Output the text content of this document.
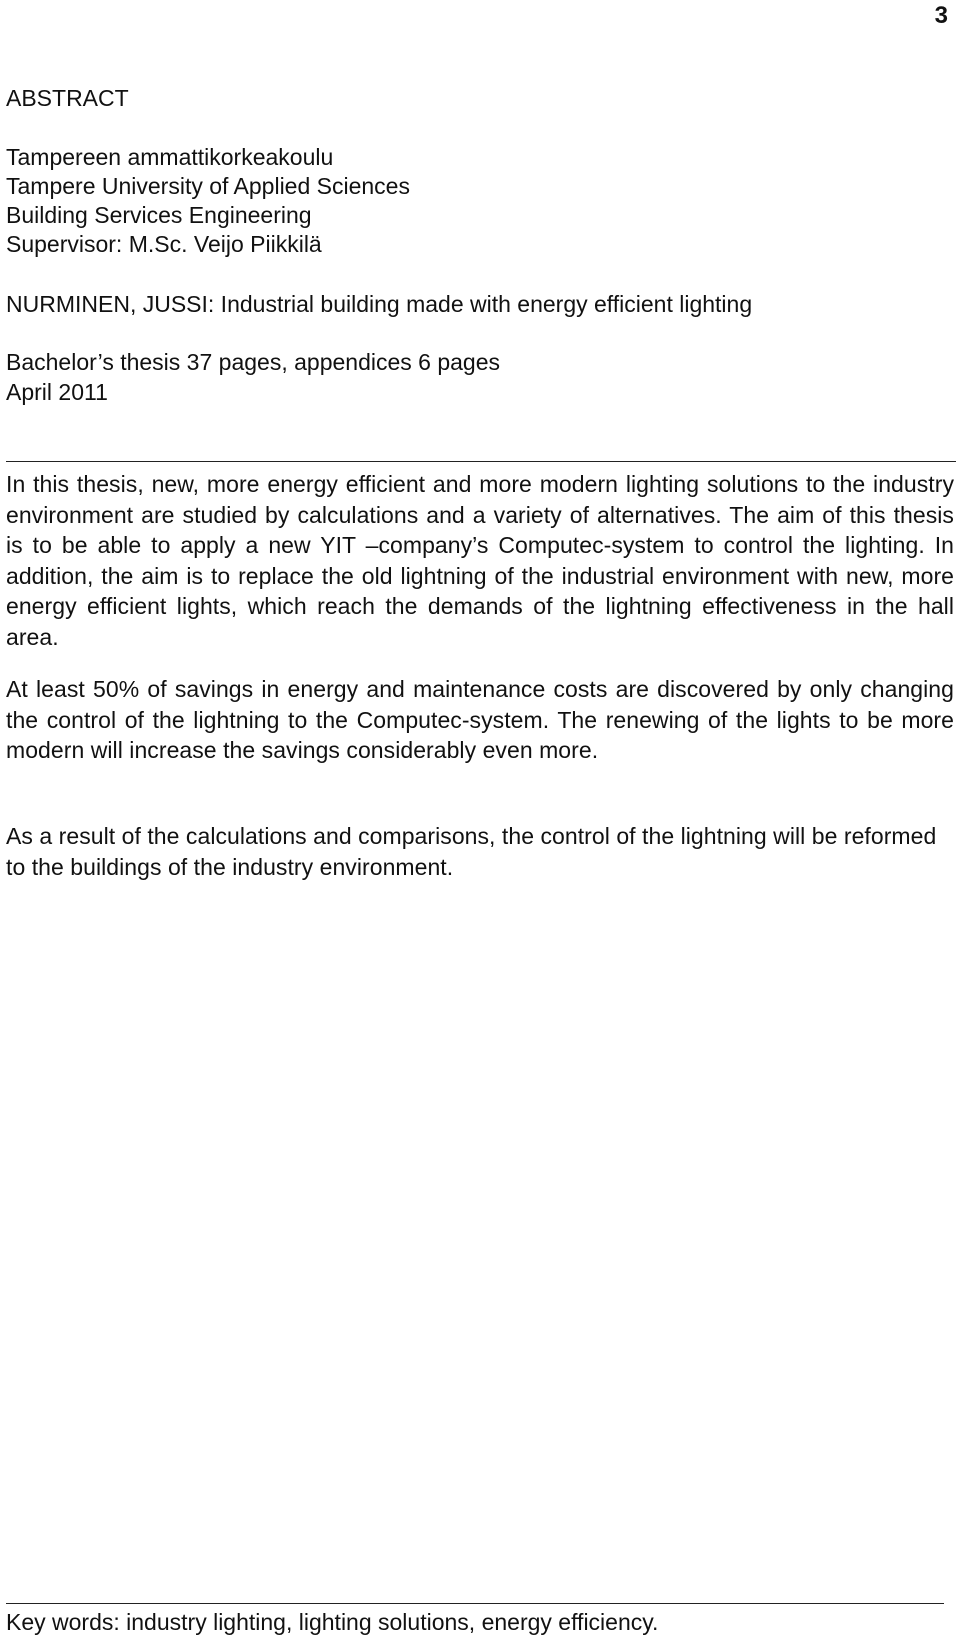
3
ABSTRACT
Tampereen ammattikorkeakoulu
Tampere University of Applied Sciences
Building Services Engineering
Supervisor: M.Sc. Veijo Piikkilä
NURMINEN, JUSSI: Industrial building made with energy efficient lighting
Bachelor’s thesis 37 pages, appendices 6 pages
April 2011
In this thesis, new, more energy efficient and more modern lighting solutions to the industry environment are studied by calculations and a variety of alternatives. The aim of this thesis is to be able to apply a new YIT –company’s Computec-system to control the lighting. In addition, the aim is to replace the old lightning of the industrial environment with new, more energy efficient lights, which reach the demands of the lightning effectiveness in the hall area.
At least 50% of savings in energy and maintenance costs are discovered by only changing the control of the lightning to the Computec-system. The renewing of the lights to be more modern will increase the savings considerably even more.
As a result of the calculations and comparisons, the control of the lightning will be reformed to the buildings of the industry environment.
Key words: industry lighting, lighting solutions, energy efficiency.
